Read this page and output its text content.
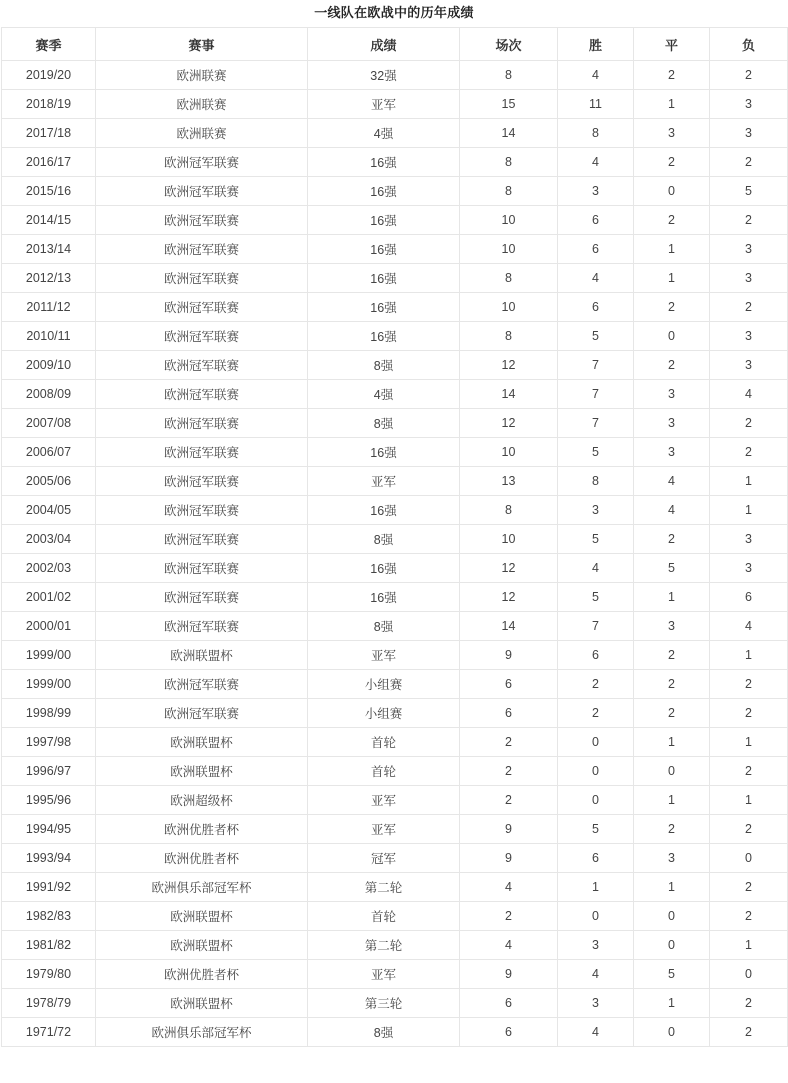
一线队在欧战中的历年成绩
赛季	赛事	成绩	场次	胜	平	负
2019/20	欧洲联赛	32强	8	4	2	2
2018/19	欧洲联赛	亚军	15	11	1	3
2017/18	欧洲联赛	4强	14	8	3	3
2016/17	欧洲冠军联赛	16强	8	4	2	2
2015/16	欧洲冠军联赛	16强	8	3	0	5
2014/15	欧洲冠军联赛	16强	10	6	2	2
2013/14	欧洲冠军联赛	16强	10	6	1	3
2012/13	欧洲冠军联赛	16强	8	4	1	3
2011/12	欧洲冠军联赛	16强	10	6	2	2
2010/11	欧洲冠军联赛	16强	8	5	0	3
2009/10	欧洲冠军联赛	8强	12	7	2	3
2008/09	欧洲冠军联赛	4强	14	7	3	4
2007/08	欧洲冠军联赛	8强	12	7	3	2
2006/07	欧洲冠军联赛	16强	10	5	3	2
2005/06	欧洲冠军联赛	亚军	13	8	4	1
2004/05	欧洲冠军联赛	16强	8	3	4	1
2003/04	欧洲冠军联赛	8强	10	5	2	3
2002/03	欧洲冠军联赛	16强	12	4	5	3
2001/02	欧洲冠军联赛	16强	12	5	1	6
2000/01	欧洲冠军联赛	8强	14	7	3	4
1999/00	欧洲联盟杯	亚军	9	6	2	1
1999/00	欧洲冠军联赛	小组赛	6	2	2	2
1998/99	欧洲冠军联赛	小组赛	6	2	2	2
1997/98	欧洲联盟杯	首轮	2	0	1	1
1996/97	欧洲联盟杯	首轮	2	0	0	2
1995/96	欧洲超级杯	亚军	2	0	1	1
1994/95	欧洲优胜者杯	亚军	9	5	2	2
1993/94	欧洲优胜者杯	冠军	9	6	3	0
1991/92	欧洲俱乐部冠军杯	第二轮	4	1	1	2
1982/83	欧洲联盟杯	首轮	2	0	0	2
1981/82	欧洲联盟杯	第二轮	4	3	0	1
1979/80	欧洲优胜者杯	亚军	9	4	5	0
1978/79	欧洲联盟杯	第三轮	6	3	1	2
1971/72	欧洲俱乐部冠军杯	8强	6	4	0	2
